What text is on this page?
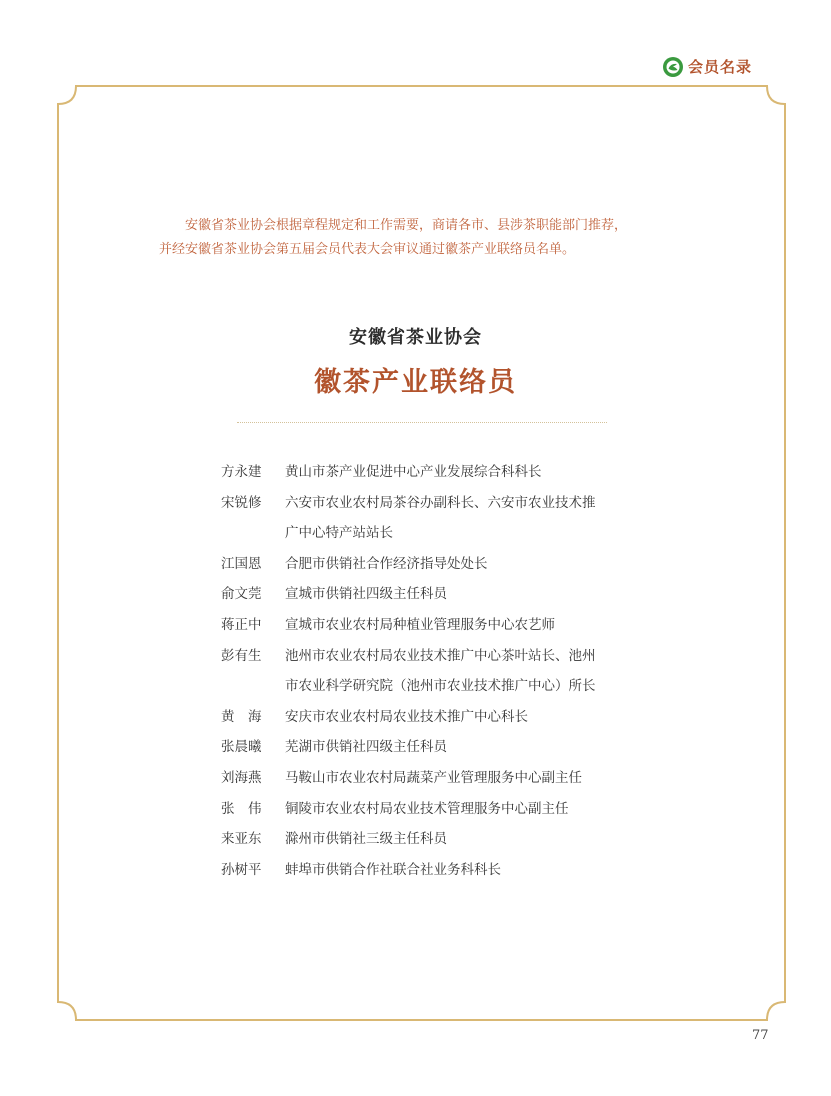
会员名录
安徽省茶业协会根据章程规定和工作需要，商请各市、县涉茶职能部门推荐，
并经安徽省茶业协会第五届会员代表大会审议通过徽茶产业联络员名单。
安徽省茶业协会
徽茶产业联络员
方永建	黄山市茶产业促进中心产业发展综合科科长
宋锐修	六安市农业农村局茶谷办副科长、六安市农业技术推
广中心特产站站长
江国恩	合肥市供销社合作经济指导处处长
俞文莞	宣城市供销社四级主任科员
蒋正中	宣城市农业农村局种植业管理服务中心农艺师
彭有生	池州市农业农村局农业技术推广中心茶叶站长、池州
市农业科学研究院（池州市农业技术推广中心）所长
黄　海	安庆市农业农村局农业技术推广中心科长
张晨曦	芜湖市供销社四级主任科员
刘海燕	马鞍山市农业农村局蔬菜产业管理服务中心副主任
张　伟	铜陵市农业农村局农业技术管理服务中心副主任
来亚东	滁州市供销社三级主任科员
孙树平	蚌埠市供销合作社联合社业务科科长
77
